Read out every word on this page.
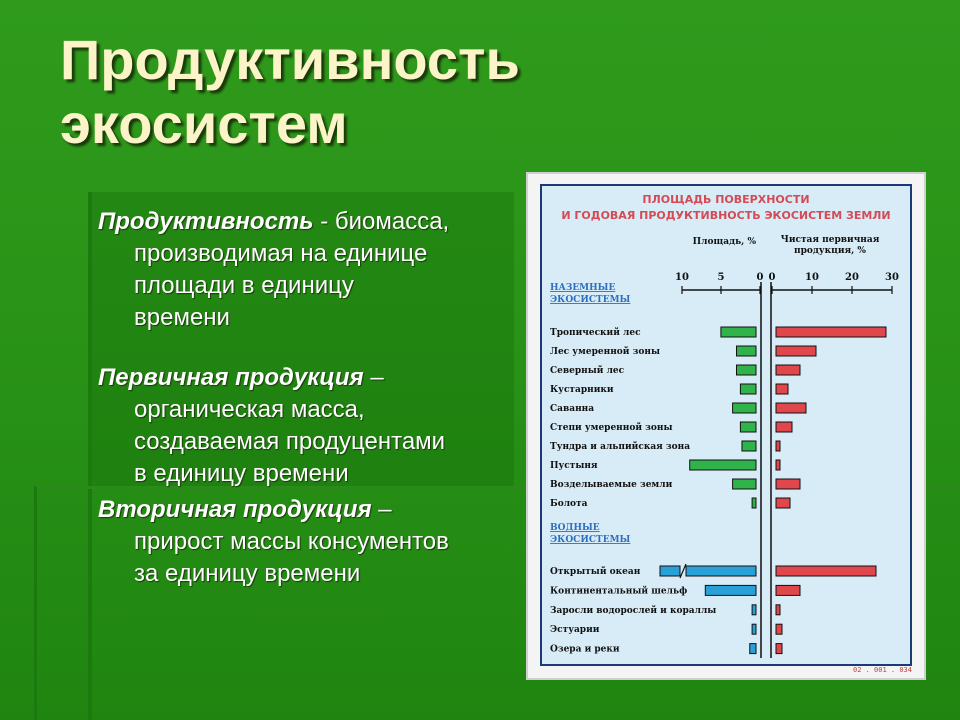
Продуктивность экосистем
Продуктивность - биомасса,
производимая на единице
площади в единицу
времени
Первичная продукция –
органическая масса,
создаваемая продуцентами
в единицу времени
Вторичная продукция –
прирост массы консументов
за единицу времени
ПЛОЩАДЬ ПОВЕРХНОСТИ
И ГОДОВАЯ ПРОДУКТИВНОСТЬ ЭКОСИСТЕМ ЗЕМЛИ
Площадь, %	Чистая первичная
продукция, %
10	5	0 0	10	20	30
НАЗЕМНЫЕ
ЭКОСИСТЕМЫ
Тропический лес
Лес умеренной зоны
Северный лес
Кустарники
Саванна
Степи умеренной зоны
Тундра и альпийская зона
Пустыня
Возделываемые земли
Болота
ВОДНЫЕ
ЭКОСИСТЕМЫ
Открытый океан
Континентальный шельф
Заросли водорослей и кораллы
Эстуарии
Озера и реки
02 . 001 . 034
